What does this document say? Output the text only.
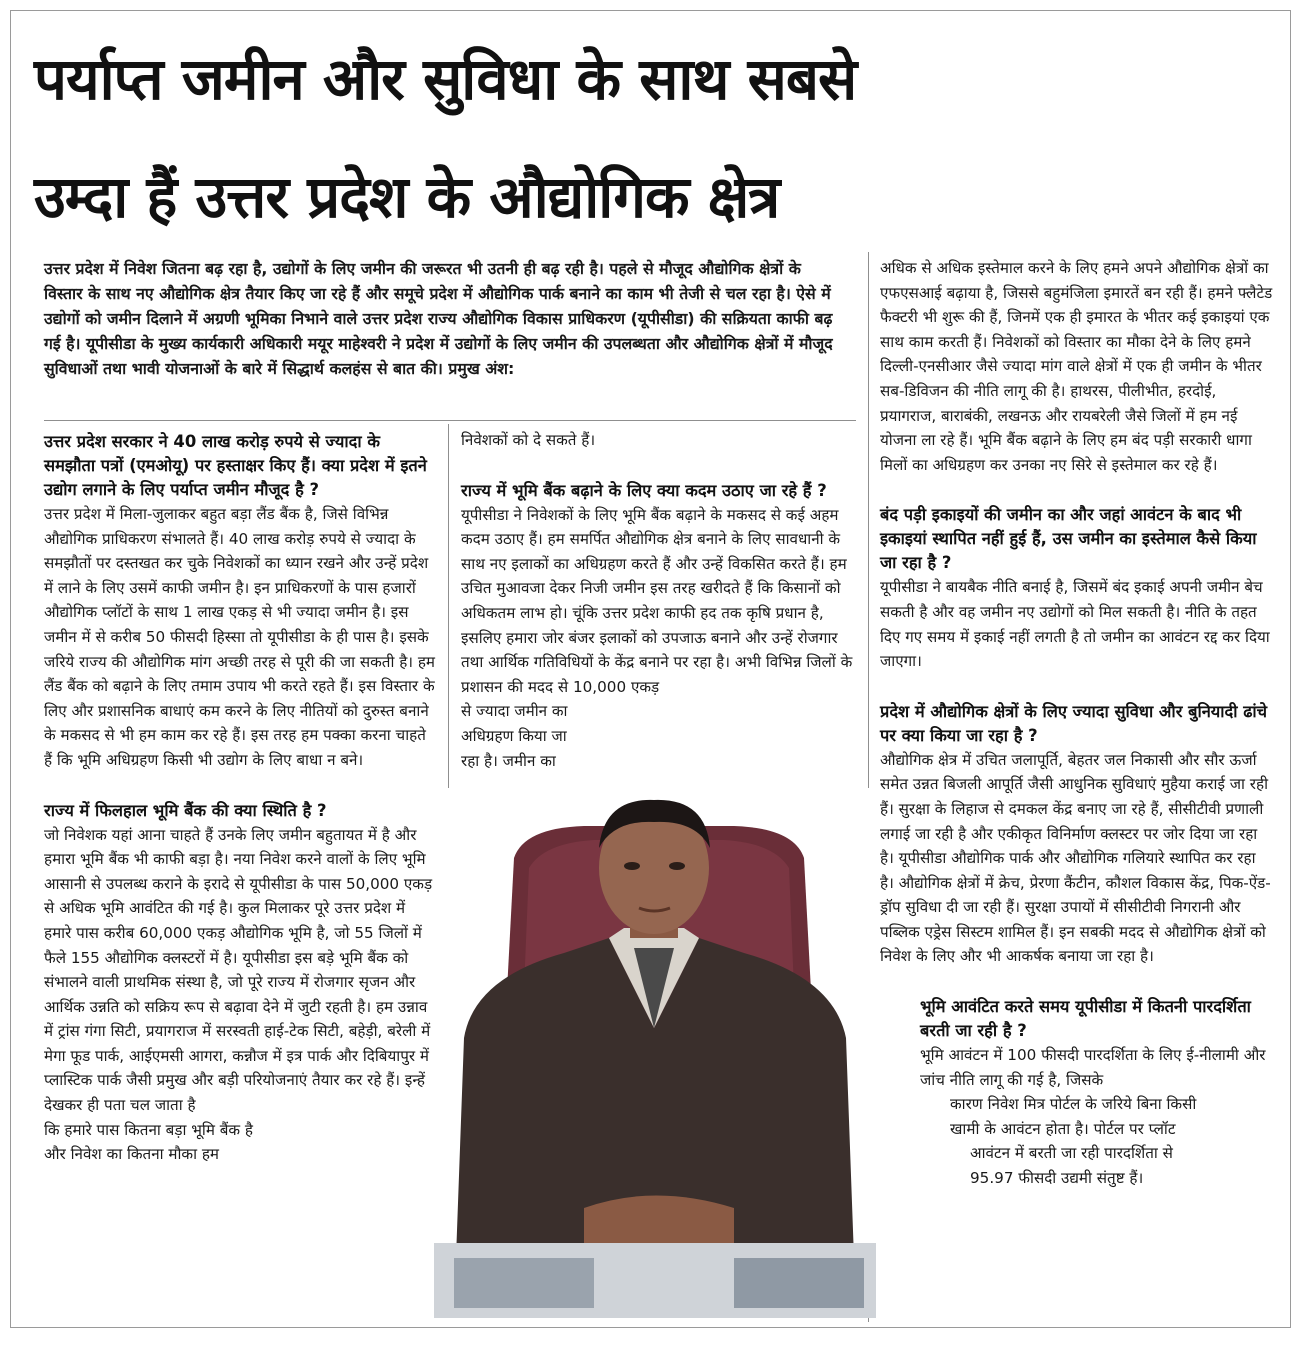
पर्याप्त जमीन और सुविधा के साथ सबसे
उम्दा हैं उत्तर प्रदेश के औद्योगिक क्षेत्र
उत्तर प्रदेश में निवेश जितना बढ़ रहा है, उद्योगों के लिए जमीन की जरूरत भी उतनी ही बढ़ रही है। पहले से मौजूद औद्योगिक क्षेत्रों के विस्तार के साथ नए औद्योगिक क्षेत्र तैयार किए जा रहे हैं और समूचे प्रदेश में औद्योगिक पार्क बनाने का काम भी तेजी से चल रहा है। ऐसे में उद्योगों को जमीन दिलाने में अग्रणी भूमिका निभाने वाले उत्तर प्रदेश राज्य औद्योगिक विकास प्राधिकरण (यूपीसीडा) की सक्रियता काफी बढ़ गई है। यूपीसीडा के मुख्य कार्यकारी अधिकारी मयूर माहेश्वरी ने प्रदेश में उद्योगों के लिए जमीन की उपलब्धता और औद्योगिक क्षेत्रों में मौजूद सुविधाओं तथा भावी योजनाओं के बारे में सिद्धार्थ कलहंस से बात की। प्रमुख अंश:

उत्तर प्रदेश सरकार ने 40 लाख करोड़ रुपये से ज्यादा के समझौता पत्रों (एमओयू) पर हस्ताक्षर किए हैं। क्या प्रदेश में इतने उद्योग लगाने के लिए पर्याप्त जमीन मौजूद है ?

उत्तर प्रदेश में मिला-जुलाकर बहुत बड़ा लैंड बैंक है, जिसे विभिन्न औद्योगिक प्राधिकरण संभालते हैं। 40 लाख करोड़ रुपये से ज्यादा के समझौतों पर दस्तखत कर चुके निवेशकों का ध्यान रखने और उन्हें प्रदेश में लाने के लिए उसमें काफी जमीन है। इन प्राधिकरणों के पास हजारों औद्योगिक प्लॉटों के साथ 1 लाख एकड़ से भी ज्यादा जमीन है। इस जमीन में से करीब 50 फीसदी हिस्सा तो यूपीसीडा के ही पास है। इसके जरिये राज्य की औद्योगिक मांग अच्छी तरह से पूरी की जा सकती है। हम लैंड बैंक को बढ़ाने के लिए तमाम उपाय भी करते रहते हैं। इस विस्तार के लिए और प्रशासनिक बाधाएं कम करने के लिए नीतियों को दुरुस्त बनाने के मकसद से भी हम काम कर रहे हैं। इस तरह हम पक्का करना चाहते हैं कि भूमि अधिग्रहण किसी भी उद्योग के लिए बाधा न बने।

राज्य में फिलहाल भूमि बैंक की क्या स्थिति है ?

जो निवेशक यहां आना चाहते हैं उनके लिए जमीन बहुतायत में है और हमारा भूमि बैंक भी काफी बड़ा है। नया निवेश करने वालों के लिए भूमि आसानी से उपलब्ध कराने के इरादे से यूपीसीडा के पास 50,000 एकड़ से अधिक भूमि आवंटित की गई है। कुल मिलाकर पूरे उत्तर प्रदेश में हमारे पास करीब 60,000 एकड़ औद्योगिक भूमि है, जो 55 जिलों में फैले 155 औद्योगिक क्लस्टरों में है। यूपीसीडा इस बड़े भूमि बैंक को संभालने वाली प्राथमिक संस्था है, जो पूरे राज्य में रोजगार सृजन और आर्थिक उन्नति को सक्रिय रूप से बढ़ावा देने में जुटी रहती है। हम उन्नाव में ट्रांस गंगा सिटी, प्रयागराज में सरस्वती हाई-टेक सिटी, बहेड़ी, बरेली में मेगा फूड पार्क, आईएमसी आगरा, कन्नौज में इत्र पार्क और दिबियापुर में प्लास्टिक पार्क जैसी प्रमुख और बड़ी परियोजनाएं तैयार कर रहे हैं। इन्हें देखकर ही पता चल जाता है

कि हमारे पास कितना बड़ा भूमि बैंक है

और निवेश का कितना मौका हम

निवेशकों को दे सकते हैं।

राज्य में भूमि बैंक बढ़ाने के लिए क्या कदम उठाए जा रहे हैं ?

यूपीसीडा ने निवेशकों के लिए भूमि बैंक बढ़ाने के मकसद से कई अहम कदम उठाए हैं। हम समर्पित औद्योगिक क्षेत्र बनाने के लिए सावधानी के साथ नए इलाकों का अधिग्रहण करते हैं और उन्हें विकसित करते हैं। हम उचित मुआवजा देकर निजी जमीन इस तरह खरीदते हैं कि किसानों को अधिकतम लाभ हो। चूंकि उत्तर प्रदेश काफी हद तक कृषि प्रधान है, इसलिए हमारा जोर बंजर इलाकों को उपजाऊ बनाने और उन्हें रोजगार तथा आर्थिक गतिविधियों के केंद्र बनाने पर रहा है। अभी विभिन्न जिलों के प्रशासन की मदद से 10,000 एकड़

से ज्यादा जमीन का

अधिग्रहण किया जा

रहा है। जमीन का

अधिक से अधिक इस्तेमाल करने के लिए हमने अपने औद्योगिक क्षेत्रों का एफएसआई बढ़ाया है, जिससे बहुमंजिला इमारतें बन रही हैं। हमने फ्लैटेड फैक्टरी भी शुरू की हैं, जिनमें एक ही इमारत के भीतर कई इकाइयां एक साथ काम करती हैं। निवेशकों को विस्तार का मौका देने के लिए हमने दिल्ली-एनसीआर जैसे ज्यादा मांग वाले क्षेत्रों में एक ही जमीन के भीतर सब-डिविजन की नीति लागू की है। हाथरस, पीलीभीत, हरदोई, प्रयागराज, बाराबंकी, लखनऊ और रायबरेली जैसे जिलों में हम नई योजना ला रहे हैं। भूमि बैंक बढ़ाने के लिए हम बंद पड़ी सरकारी धागा मिलों का अधिग्रहण कर उनका नए सिरे से इस्तेमाल कर रहे हैं।

बंद पड़ी इकाइयों की जमीन का और जहां आवंटन के बाद भी इकाइयां स्थापित नहीं हुई हैं, उस जमीन का इस्तेमाल कैसे किया जा रहा है ?

यूपीसीडा ने बायबैक नीति बनाई है, जिसमें बंद इकाई अपनी जमीन बेच सकती है और वह जमीन नए उद्योगों को मिल सकती है। नीति के तहत दिए गए समय में इकाई नहीं लगती है तो जमीन का आवंटन रद्द कर दिया जाएगा।

प्रदेश में औद्योगिक क्षेत्रों के लिए ज्यादा सुविधा और बुनियादी ढांचे पर क्या किया जा रहा है ?

औद्योगिक क्षेत्र में उचित जलापूर्ति, बेहतर जल निकासी और सौर ऊर्जा समेत उन्नत बिजली आपूर्ति जैसी आधुनिक सुविधाएं मुहैया कराई जा रही हैं। सुरक्षा के लिहाज से दमकल केंद्र बनाए जा रहे हैं, सीसीटीवी प्रणाली लगाई जा रही है और एकीकृत विनिर्माण क्लस्टर पर जोर दिया जा रहा है। यूपीसीडा औद्योगिक पार्क और औद्योगिक गलियारे स्थापित कर रहा है। औद्योगिक क्षेत्रों में क्रेच, प्रेरणा कैंटीन, कौशल विकास केंद्र, पिक-ऐंड-ड्रॉप सुविधा दी जा रही हैं। सुरक्षा उपायों में सीसीटीवी निगरानी और पब्लिक एड्रेस सिस्टम शामिल हैं। इन सबकी मदद से औद्योगिक क्षेत्रों को निवेश के लिए और भी आकर्षक बनाया जा रहा है।

भूमि आवंटित करते समय यूपीसीडा में कितनी पारदर्शिता बरती जा रही है ?

भूमि आवंटन में 100 फीसदी पारदर्शिता के लिए ई-नीलामी और जांच नीति लागू की गई है, जिसके

कारण निवेश मित्र पोर्टल के जरिये बिना किसी

खामी के आवंटन होता है। पोर्टल पर प्लॉट

आवंटन में बरती जा रही पारदर्शिता से

95.97 फीसदी उद्यमी संतुष्ट हैं।
